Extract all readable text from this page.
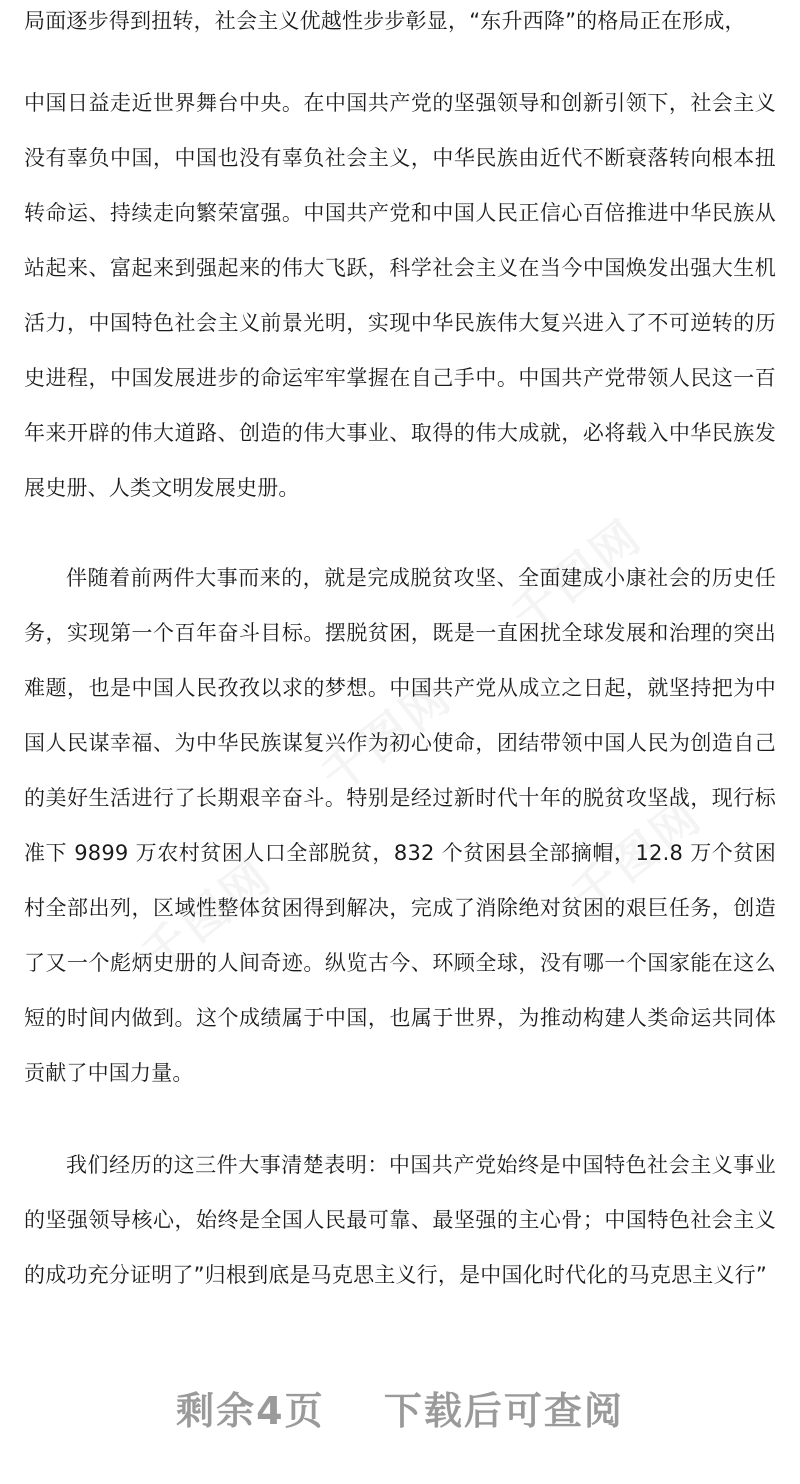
千图网
千图网
千图网	千图网

局面逐步得到扭转，社会主义优越性步步彰显，“东升西降”的格局正在形成，

中国日益走近世界舞台中央。在中国共产党的坚强领导和创新引领下，社会主义没有辜负中国，中国也没有辜负社会主义，中华民族由近代不断衰落转向根本扭转命运、持续走向繁荣富强。中国共产党和中国人民正信心百倍推进中华民族从站起来、富起来到强起来的伟大飞跃，科学社会主义在当今中国焕发出强大生机活力，中国特色社会主义前景光明，实现中华民族伟大复兴进入了不可逆转的历史进程，中国发展进步的命运牢牢掌握在自己手中。中国共产党带领人民这一百年来开辟的伟大道路、创造的伟大事业、取得的伟大成就，必将载入中华民族发展史册、人类文明发展史册。

伴随着前两件大事而来的，就是完成脱贫攻坚、全面建成小康社会的历史任务，实现第一个百年奋斗目标。摆脱贫困，既是一直困扰全球发展和治理的突出难题，也是中国人民孜孜以求的梦想。中国共产党从成立之日起，就坚持把为中国人民谋幸福、为中华民族谋复兴作为初心使命，团结带领中国人民为创造自己的美好生活进行了长期艰辛奋斗。特别是经过新时代十年的脱贫攻坚战，现行标准下 9899 万农村贫困人口全部脱贫，832 个贫困县全部摘帽，12.8 万个贫困村全部出列，区域性整体贫困得到解决，完成了消除绝对贫困的艰巨任务，创造了又一个彪炳史册的人间奇迹。纵览古今、环顾全球，没有哪一个国家能在这么短的时间内做到。这个成绩属于中国，也属于世界，为推动构建人类命运共同体贡献了中国力量。

我们经历的这三件大事清楚表明：中国共产党始终是中国特色社会主义事业的坚强领导核心，始终是全国人民最可靠、最坚强的主心骨；中国特色社会主义的成功充分证明了”归根到底是马克思主义行，是中国化时代化的马克思主义行”

剩余4页 下载后可查阅
